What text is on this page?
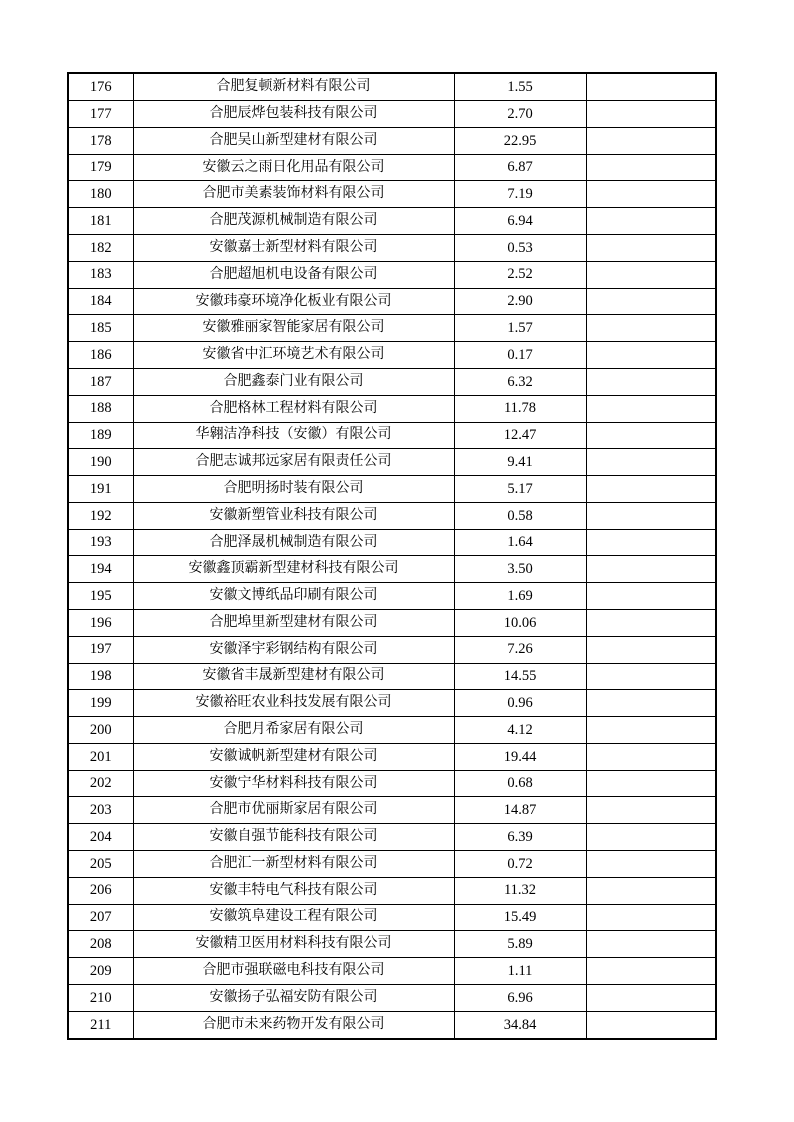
176	合肥复顿新材料有限公司	1.55	
177	合肥辰烨包装科技有限公司	2.70	
178	合肥吴山新型建材有限公司	22.95	
179	安徽云之雨日化用品有限公司	6.87	
180	合肥市美素装饰材料有限公司	7.19	
181	合肥茂源机械制造有限公司	6.94	
182	安徽嘉士新型材料有限公司	0.53	
183	合肥超旭机电设备有限公司	2.52	
184	安徽玮豪环境净化板业有限公司	2.90	
185	安徽雅丽家智能家居有限公司	1.57	
186	安徽省中汇环境艺术有限公司	0.17	
187	合肥鑫泰门业有限公司	6.32	
188	合肥格林工程材料有限公司	11.78	
189	华翱洁净科技（安徽）有限公司	12.47	
190	合肥志诚邦远家居有限责任公司	9.41	
191	合肥明扬时装有限公司	5.17	
192	安徽新塑管业科技有限公司	0.58	
193	合肥泽晟机械制造有限公司	1.64	
194	安徽鑫顶霸新型建材科技有限公司	3.50	
195	安徽文博纸品印刷有限公司	1.69	
196	合肥埠里新型建材有限公司	10.06	
197	安徽泽宇彩钢结构有限公司	7.26	
198	安徽省丰晟新型建材有限公司	14.55	
199	安徽裕旺农业科技发展有限公司	0.96	
200	合肥月希家居有限公司	4.12	
201	安徽诚帆新型建材有限公司	19.44	
202	安徽宁华材料科技有限公司	0.68	
203	合肥市优丽斯家居有限公司	14.87	
204	安徽自强节能科技有限公司	6.39	
205	合肥汇一新型材料有限公司	0.72	
206	安徽丰特电气科技有限公司	11.32	
207	安徽筑阜建设工程有限公司	15.49	
208	安徽精卫医用材料科技有限公司	5.89	
209	合肥市强联磁电科技有限公司	1.11	
210	安徽扬子弘福安防有限公司	6.96	
211	合肥市未来药物开发有限公司	34.84	
